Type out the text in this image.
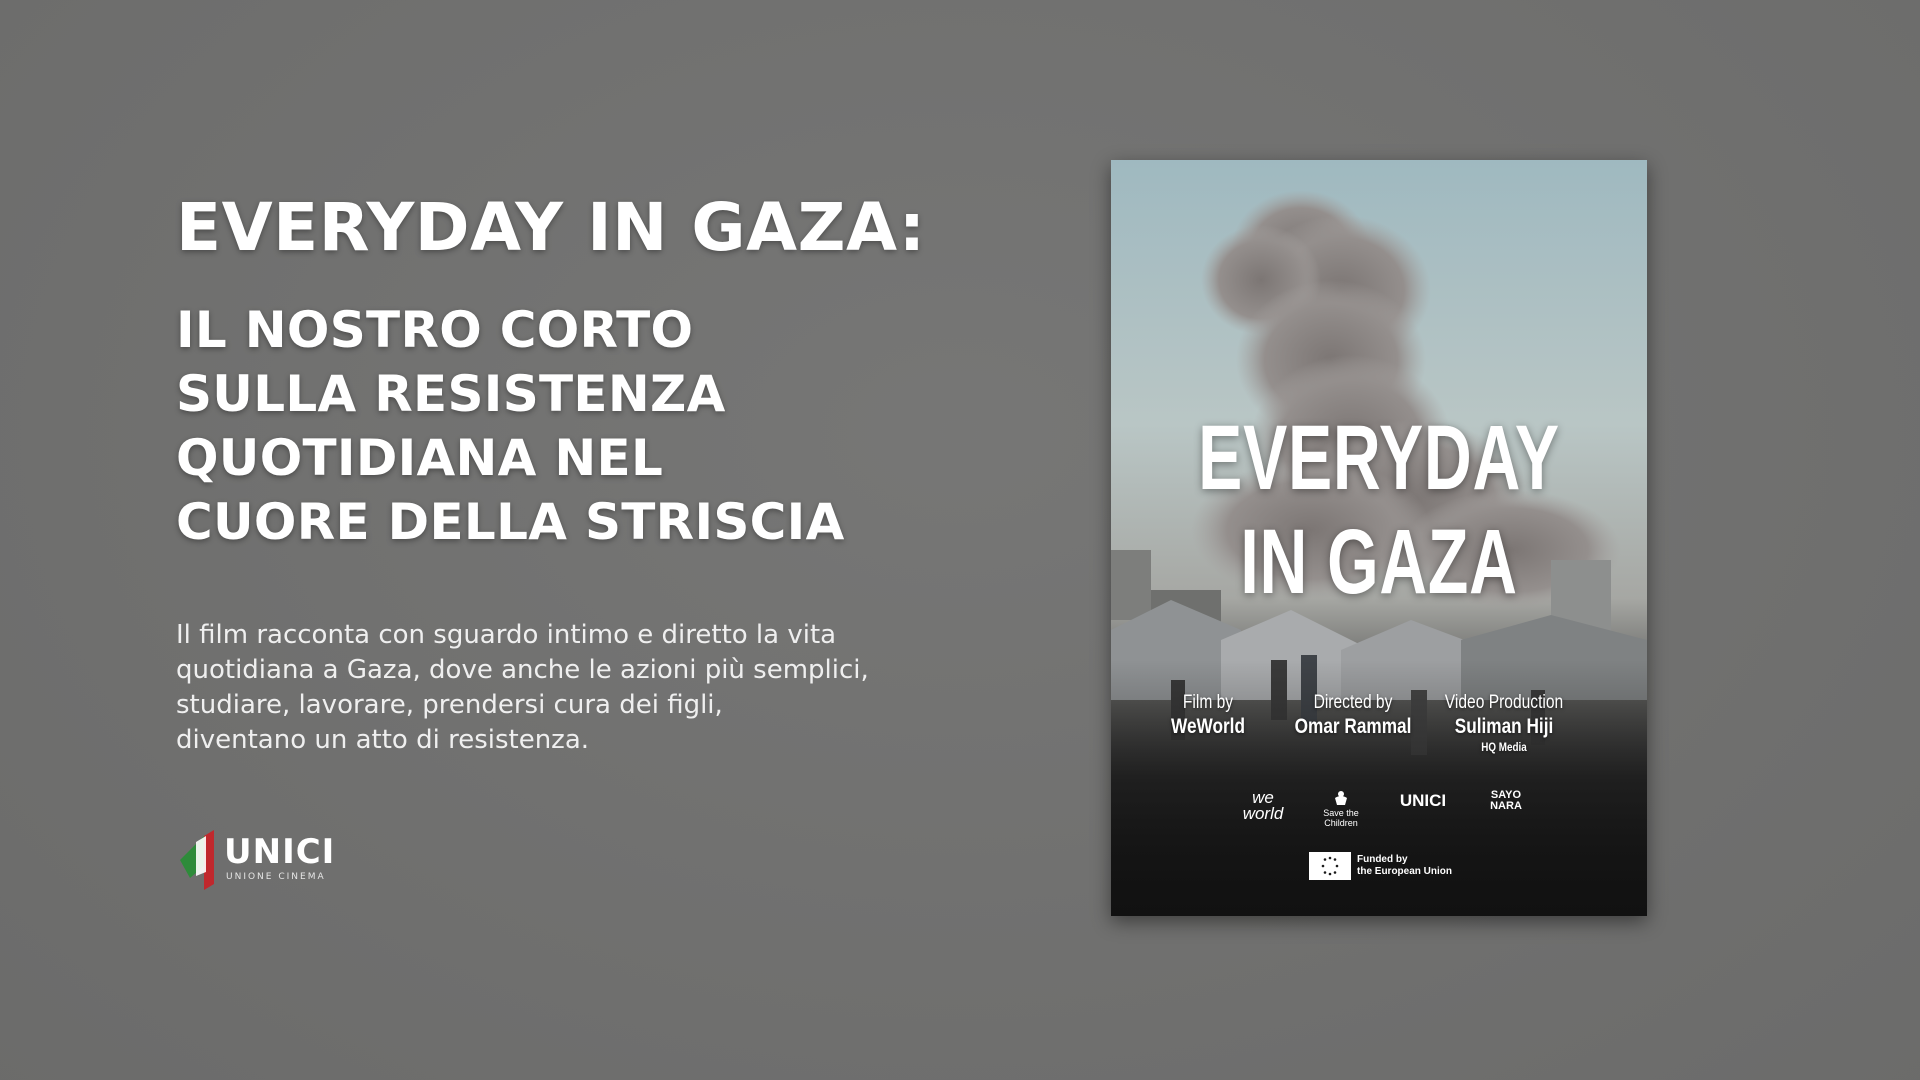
EVERYDAY IN GAZA:
IL NOSTRO CORTO
SULLA RESISTENZA
QUOTIDIANA NEL
CUORE DELLA STRISCIA

Il film racconta con sguardo intimo e diretto la vita
quotidiana a Gaza, dove anche le azioni più semplici,
studiare, lavorare, prendersi cura dei figli,
diventano un atto di resistenza.

UNICI
UNIONE CINEMA
EVERYDAY
IN GAZA
Film by
WeWorld
Directed by
Omar Rammal
Video Production
Suliman Hiji
HQ Media
we world	Save the Children
UNICI	SAYO NARA
Funded by
the European Union
